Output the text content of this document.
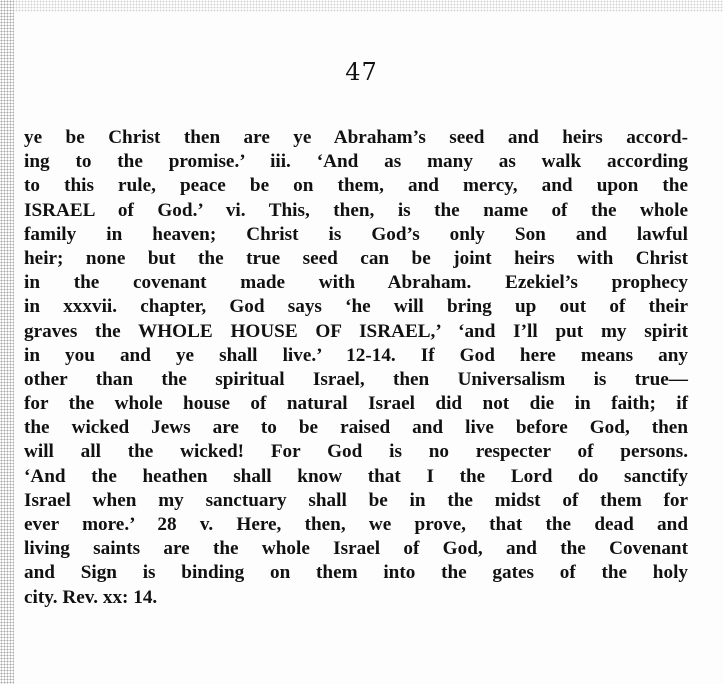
47
ye be Christ then are ye Abraham’s seed and heirs accord-
ing to the promise.’ iii. ‘And as many as walk according
to this rule, peace be on them, and mercy, and upon the
ISRAEL of God.’ vi. This, then, is the name of the whole
family in heaven; Christ is God’s only Son and lawful
heir; none but the true seed can be joint heirs with Christ
in the covenant made with Abraham. Ezekiel’s prophecy
in xxxvii. chapter, God says ‘he will bring up out of their
graves the WHOLE HOUSE OF ISRAEL,’ ‘and I’ll put my spirit
in you and ye shall live.’ 12-14. If God here means any
other than the spiritual Israel, then Universalism is true—
for the whole house of natural Israel did not die in faith; if
the wicked Jews are to be raised and live before God, then
will all the wicked! For God is no respecter of persons.
‘And the heathen shall know that I the Lord do sanctify
Israel when my sanctuary shall be in the midst of them for
ever more.’ 28 v. Here, then, we prove, that the dead and
living saints are the whole Israel of God, and the Covenant
and Sign is binding on them into the gates of the holy
city. Rev. xx: 14.
